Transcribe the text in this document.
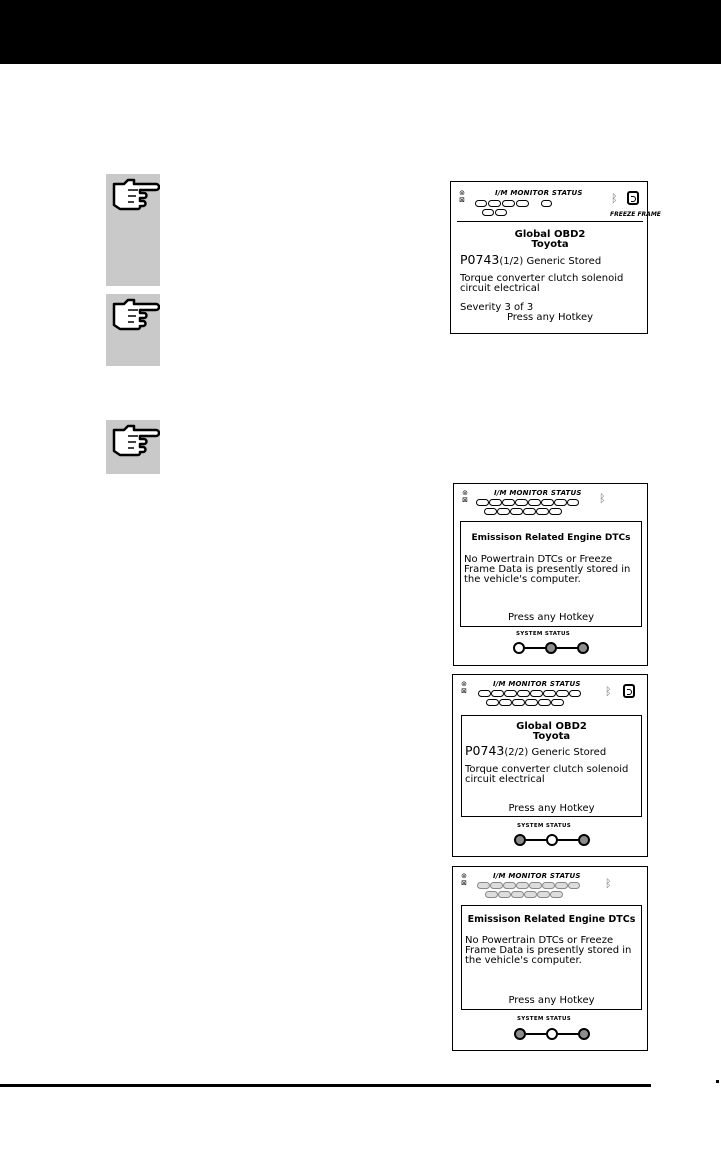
⊚
⊠
I/M MONITOR STATUS	ᛒ
FREEZE FRAME
Global OBD2
Toyota
P0743(1/2) Generic Stored
Torque converter clutch solenoid
circuit electrical
Severity 3 of 3
Press any Hotkey
⊚
⊠
I/M MONITOR STATUS ᛒ
Emissison Related Engine DTCs
No Powertrain DTCs or Freeze
Frame Data is presently stored in
the vehicle's computer.
Press any Hotkey
SYSTEM STATUS
⊚
⊠
I/M MONITOR STATUS
ᛒ
Global OBD2
Toyota
P0743(2/2) Generic Stored
Torque converter clutch solenoid
circuit electrical
Press any Hotkey
SYSTEM STATUS
⊚
⊠
I/M MONITOR STATUS
ᛒ
Emissison Related Engine DTCs
No Powertrain DTCs or Freeze
Frame Data is presently stored in
the vehicle's computer.
Press any Hotkey
SYSTEM STATUS
